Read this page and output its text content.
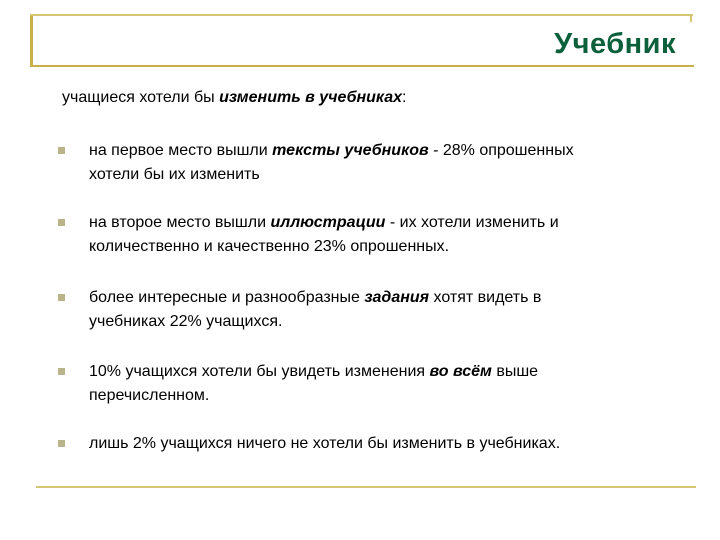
Учебник
учащиеся хотели бы изменить в учебниках:
на первое место вышли тексты учебников - 28% опрошенных хотели бы их изменить
на второе место вышли иллюстрации - их хотели изменить и количественно и качественно 23% опрошенных.
более интересные и разнообразные задания хотят видеть в учебниках 22% учащихся.
10% учащихся хотели бы увидеть изменения во всём выше перечисленном.
лишь 2% учащихся ничего не хотели бы изменить в учебниках.
